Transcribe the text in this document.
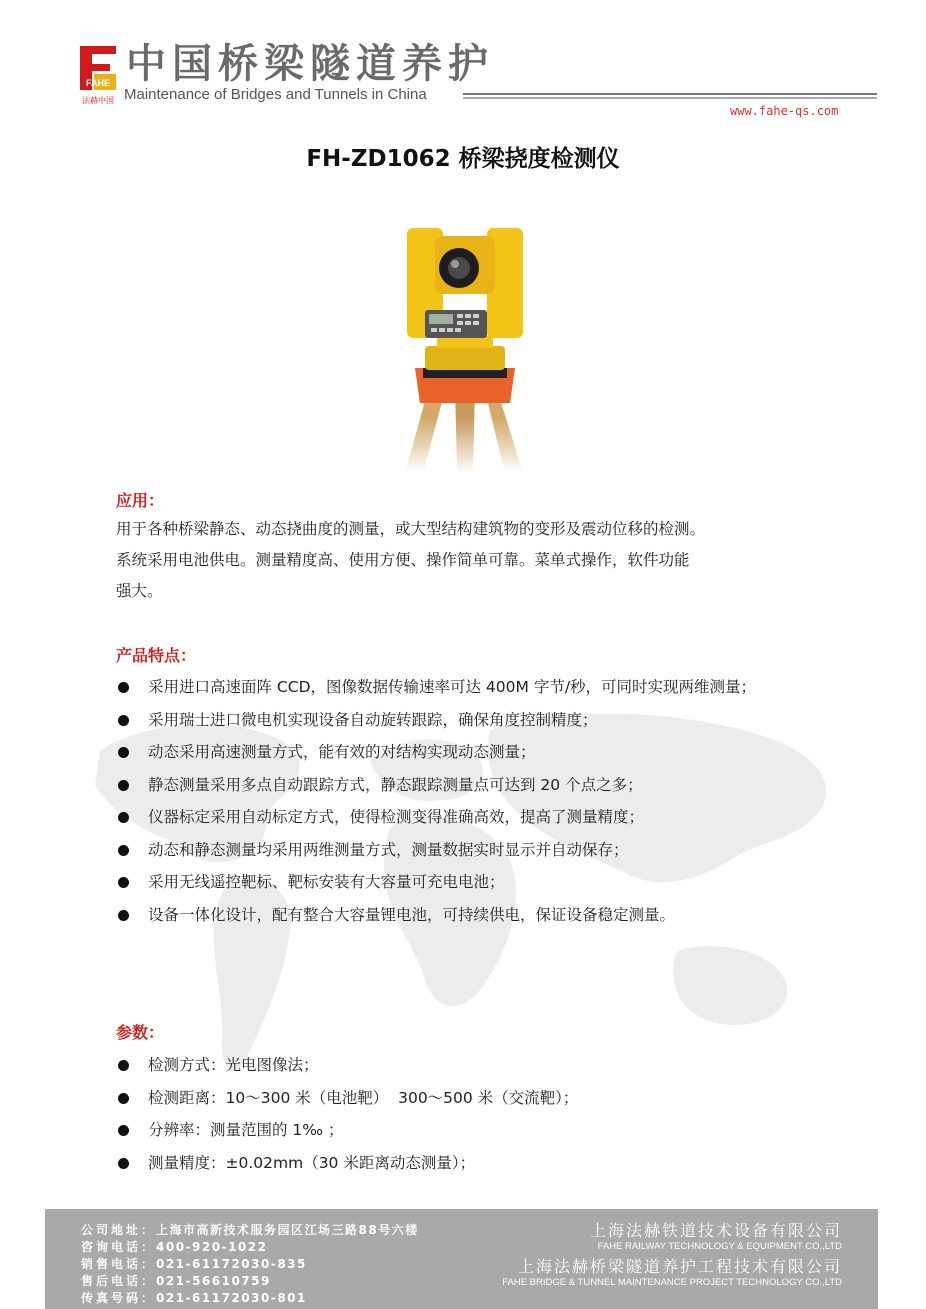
FAHE
法赫中国
中国桥梁隧道养护
Maintenance of Bridges and Tunnels in China
www.fahe-qs.com
FH-ZD1062 桥梁挠度检测仪
应用：
用于各种桥梁静态、动态挠曲度的测量，或大型结构建筑物的变形及震动位移的检测。
系统采用电池供电。测量精度高、使用方便、操作简单可靠。菜单式操作，软件功能
强大。
产品特点：
采用进口高速面阵 CCD，图像数据传输速率可达 400M 字节/秒，可同时实现两维测量；
采用瑞士进口微电机实现设备自动旋转跟踪，确保角度控制精度；
动态采用高速测量方式，能有效的对结构实现动态测量；
静态测量采用多点自动跟踪方式，静态跟踪测量点可达到 20 个点之多；
仪器标定采用自动标定方式，使得检测变得准确高效，提高了测量精度；
动态和静态测量均采用两维测量方式，测量数据实时显示并自动保存；
采用无线遥控靶标、靶标安装有大容量可充电电池；
设备一体化设计，配有整合大容量锂电池，可持续供电，保证设备稳定测量。
参数：
检测方式：光电图像法；
检测距离：10～300 米（电池靶）  300～500 米（交流靶）；
分辨率：测量范围的 1‰ ；
测量精度：±0.02mm（30 米距离动态测量）；
公司地址：上海市高新技术服务园区江场三路88号六楼
咨询电话：400-920-1022
销售电话：021-61172030-835
售后电话：021-56610759
传真号码：021-61172030-801
上海法赫铁道技术设备有限公司
FAHE RAILWAY TECHNOLOGY & EQUIPMENT CO.,LTD
上海法赫桥梁隧道养护工程技术有限公司
FAHE BRIDGE & TUNNEL MAINTENANCE PROJECT TECHNOLOGY CO.,LTD
